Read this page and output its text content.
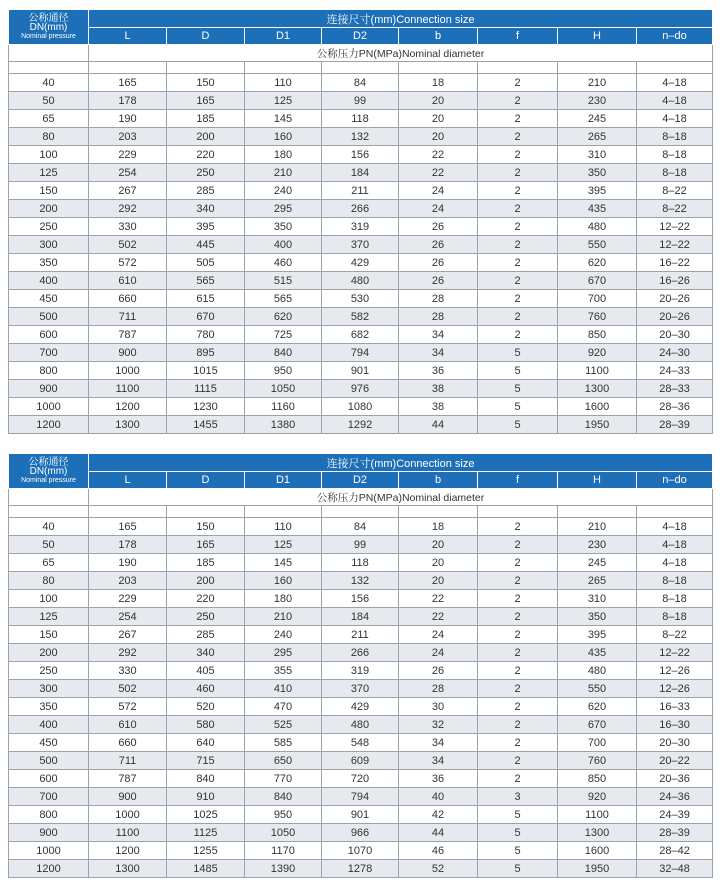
公称通径
DN(mm)
Nominal pressure	连接尺寸(mm)Connection size							
	L	D	D1	D2	b	f	H	n–do
	公称压力PN(MPa)Nominal diameter							

40	165	150	110	84	18	2	210	4–18
50	178	165	125	99	20	2	230	4–18
65	190	185	145	118	20	2	245	4–18
80	203	200	160	132	20	2	265	8–18
100	229	220	180	156	22	2	310	8–18
125	254	250	210	184	22	2	350	8–18
150	267	285	240	211	24	2	395	8–22
200	292	340	295	266	24	2	435	8–22
250	330	395	350	319	26	2	480	12–22
300	502	445	400	370	26	2	550	12–22
350	572	505	460	429	26	2	620	16–22
400	610	565	515	480	26	2	670	16–26
450	660	615	565	530	28	2	700	20–26
500	711	670	620	582	28	2	760	20–26
600	787	780	725	682	34	2	850	20–30
700	900	895	840	794	34	5	920	24–30
800	1000	1015	950	901	36	5	1100	24–33
900	1100	1115	1050	976	38	5	1300	28–33
1000	1200	1230	1160	1080	38	5	1600	28–36
1200	1300	1455	1380	1292	44	5	1950	28–39
公称通径
DN(mm)
Nominal pressure	连接尺寸(mm)Connection size							
	L	D	D1	D2	b	f	H	n–do
	公称压力PN(MPa)Nominal diameter							

40	165	150	110	84	18	2	210	4–18
50	178	165	125	99	20	2	230	4–18
65	190	185	145	118	20	2	245	4–18
80	203	200	160	132	20	2	265	8–18
100	229	220	180	156	22	2	310	8–18
125	254	250	210	184	22	2	350	8–18
150	267	285	240	211	24	2	395	8–22
200	292	340	295	266	24	2	435	12–22
250	330	405	355	319	26	2	480	12–26
300	502	460	410	370	28	2	550	12–26
350	572	520	470	429	30	2	620	16–33
400	610	580	525	480	32	2	670	16–30
450	660	640	585	548	34	2	700	20–30
500	711	715	650	609	34	2	760	20–22
600	787	840	770	720	36	2	850	20–36
700	900	910	840	794	40	3	920	24–36
800	1000	1025	950	901	42	5	1100	24–39
900	1100	1125	1050	966	44	5	1300	28–39
1000	1200	1255	1170	1070	46	5	1600	28–42
1200	1300	1485	1390	1278	52	5	1950	32–48
